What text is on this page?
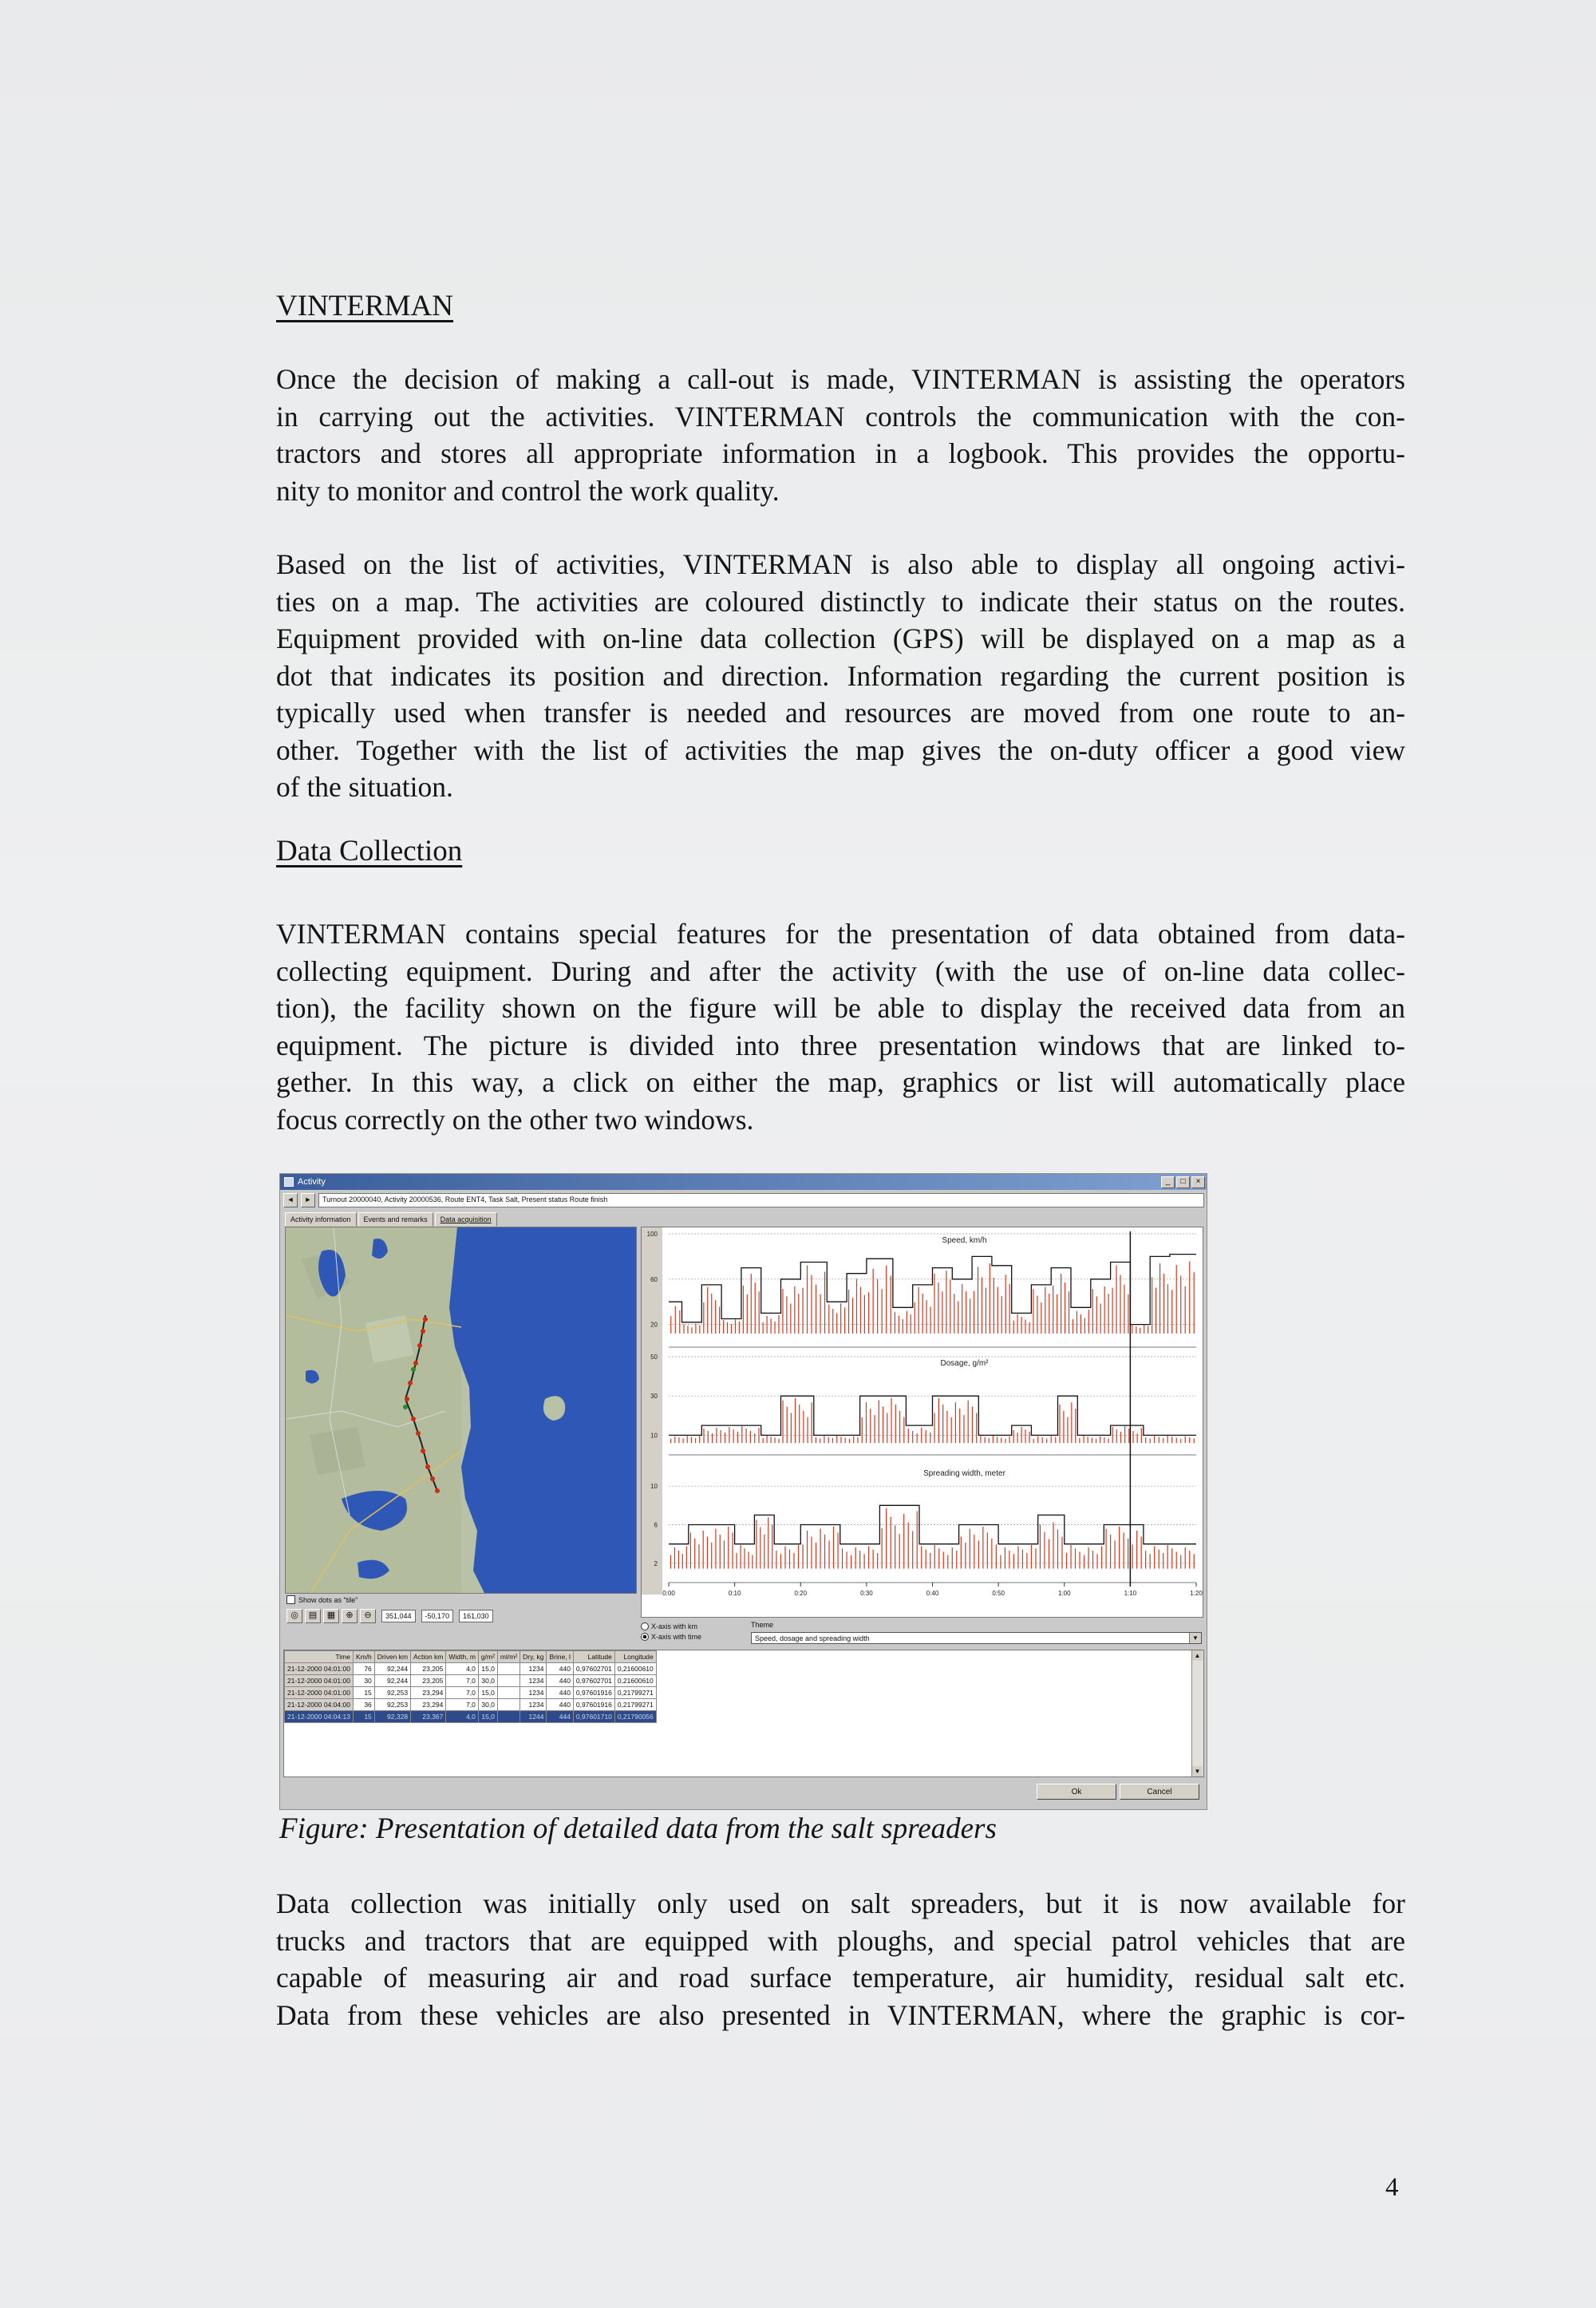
VINTERMAN
Once the decision of making a call-out is made, VINTERMAN is assisting the operators
in carrying out the activities. VINTERMAN controls the communication with the con-
tractors and stores all appropriate information in a logbook. This provides the opportu-
nity to monitor and control the work quality.
Based on the list of activities, VINTERMAN is also able to display all ongoing activi-
ties on a map. The activities are coloured distinctly to indicate their status on the routes.
Equipment provided with on-line data collection (GPS) will be displayed on a map as a
dot that indicates its position and direction. Information regarding the current position is
typically used when transfer is needed and resources are moved from one route to an-
other. Together with the list of activities the map gives the on-duty officer a good view
of the situation.
Data Collection
VINTERMAN contains special features for the presentation of data obtained from data-
collecting equipment. During and after the activity (with the use of on-line data collec-
tion), the facility shown on the figure will be able to display the received data from an
equipment. The picture is divided into three presentation windows that are linked to-
gether. In this way, a click on either the map, graphics or list will automatically place
focus correctly on the other two windows.
Activity	_	□	×
◄	►	Turnout 20000040, Activity 20000536, Route ENT4, Task Salt, Present status Route finish
Activity information	Events and remarks	Data acquisition
100
60
20
Speed, km/h
50
30
10
Dosage, g/m²
10
6
2
Spreading width, meter
0:00	0:10	0:20	0:30	0:40	0:50	1:00	1:10	1:20
Show dots as "tile"
◎	▤	▦	⊕	⊖	351,044	-50,170	161,030
X-axis with km
X-axis with time
Theme
Speed, dosage and spreading width	▼
Time	Km/h	Driven km	Action km	Width, m	g/m²	ml/m²	Dry, kg	Brine, l	Latitude	Longitude
21-12-2000 04:01:00	76	92,244	23,205	4,0	15,0		1234	440	0,97602701	0,21600610
21-12-2000 04:01:00	30	92,244	23,205	7,0	30,0		1234	440	0,97602701	0,21600610
21-12-2000 04:01:00	15	92,253	23,294	7,0	15,0		1234	440	0,97601916	0,21799271
21-12-2000 04:04:00	36	92,253	23,294	7,0	30,0		1234	440	0,97601916	0,21799271
21-12-2000 04:04:13	15	92,328	23,367	4,0	15,0		1244	444	0,97601710	0,21790056
▲
▼
Ok	Cancel

Figure: Presentation of detailed data from the salt spreaders

Data collection was initially only used on salt spreaders, but it is now available for
trucks and tractors that are equipped with ploughs, and special patrol vehicles that are
capable of measuring air and road surface temperature, air humidity, residual salt etc.
Data from these vehicles are also presented in VINTERMAN, where the graphic is cor-
4
